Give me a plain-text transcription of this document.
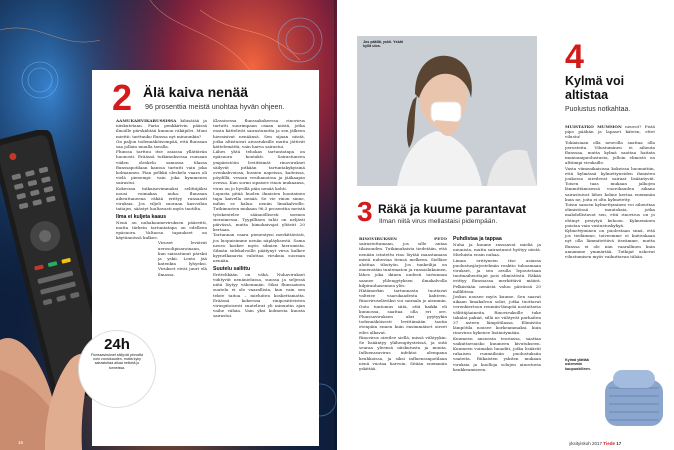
2 Älä kaiva nenää
96 prosenttia meistä unohtaa hyvän ohjeen.
AAMUKAHVIKABUSSISSA kihisätää ja niiskutetaan. Parin penkkirivin päässä ilmoille pärskähtää kunnon räkäpilvi. Moni miettii: tarttuuko flunssa nyt minuunkin?
On paljon todennäköisempää, että flunssan saa jollain muulla tavalla.
Flunssa tarttuu itse asiassa yllättävän huonosti. Eräässä tutkimuksessa ruusaan viiden oleskelu samassa tilassa flunssapotilaan kanssa tartutti vain joka kolmannen. Pian pelkkä oleskelu vaara oli vielä pienempi: vain joka kymmenes sairastui.
Kokeessa tutkaisevimmaksi selittäjäksi nousi voimakas nuha: flunssan aiheuttaneena räkää erittyy runsaasti viruksia. Jos viljeli suoraan kasvoihin taitajes, säästyt luultavasti myös tautilta.
Ilma ei kuljeta kaaus
Nenä on nuhakuumeviruksen pääreitti, mutta tärkein tartuntatapa on edelleen epäsuora. Valtaosa tapaukset on käytännössä kulkee.
Viruset leviävät aerosolipisaroinaan, kun sairastunut pärskii ja yskii. Lento jää katenkin lyhyeksi. Virukset eivät juuri elä ilmassa.
Klassisessa flunssakokeessa rinovirus tartutti suurimpaan osaan niistä, jotka ensin kättelivät sairastunutta ja sen jälkeen hieraisivat nenäänsä. Sen sijaan niistä, jotka altistuivat aivastuksille mutta jättivät kättelemättä, vain harva sairastui.
Lähes yhtä tehokas tartuntatapa on epäsuora kontakti. Sairastuneen ympäristöön leviittämät rinovirukset säilyvät pitkään tartuntakykyisinä ovenkahvoissa, hissien napeissa, kaiteissa, pöydillä, vessan vesihanoissa ja jääkaapin ovessa. Kun sormi sipaisee rinon mukaansa, virus on jo hyvillä päin nenää kohti.
Lopusta pitää huolen ihmisten luontainen tapa kaivella nenää. Se vie rinon sinne, mihin se halua: nenän limakalvoille. Tutkimusten mukaan 96,5 prosenttia meistä työskentelee säännöllisesti sormea sieraimessa. Tyypillinen tahti on neljästi päivässä, mutta himokaivajat yltävät 20 kertaan.
Tartunnan vaara pienentyisi merkittävästi, jos luopuisimme nenän näpläyksestä. Sama neuvo koskee myös silmien hieromista. Silmän sidekalvoille päätynyt virus kulkee kyynelkanavia valuttaa viruksia suoraan nenään.
Suutelu sallittu
Erittelikään on vähä. Nuhavirukset viihtyvät nenänielussa, suussa ja seljessä niitä löytyy vähemmän. Siksi flunssainen suutelu ei ole vaarallista, kun vain sen tekee taitoa – mieluiten koskettamatta. Eräässä kokeessa rinipositiivisten viruspitoisesti suutelivat yli minuutin ajan vaihe vähän. Vain yksi kolmesta kuusta sairastui.
24h
Flunssavirukset säilyvät pinnoilla noin vuorokauden, mutta kyky sairastuttaa alkaa heiketä jo tunneissa.
16
Jos päällä, yskii. Yskät kyllä ulos.
3 Räkä ja kuume parantavat
Ilman niitä virus mellastaisi pidempään.
RINOVIRUKSEN PETO sairastuttamaan, jos sille antaa tilaisuuden. Tutkimuksista tiedetään, että nenään istutettu rino löytää maastamasa mistä nuhestaa tiensä melkeen. Sielläse aloittaa tihutyön. Jos tunkeilija on ennenstäin tuntematon ja runsaslukuinen, lähes joka ikinen uudesti tartunnan saanee ylilengytyksen ilmakalvolla kilpirauhasennen ylös.
Hätämerkin tartunnasta tuottavat valteiee vaarokaadesta kahteen. Rinoviruseläväksi voi sairaala jo aiemmin. Outo tuntomus siitä, että kaikki eli kunnossa, saattaa olla eri ore. Flunssaviruksen ubri pyytyykin todennäköisesti levittämään tautia etenpäin ennen kuin ensimmäiset oireet edes alkavat.
Rinovirus oireilee siellä, missä viihtyykin. Se lisääntyy ylähengitysteissä, ja siitä seuraa yleensä niiskutusta ja muuta. Influenssavirus infektoi alempana keuhkoissa, ja siksi influenssapotilaan nenä vuotaa harvoin. Sitään enemmän yskittää.
Puhdistaa ja tappaa
Nuha ja kuume rassaavat mieliä ja nuunista, mutta sairastunut hyötyy niistä. Mieluista ensin nuhaa.
Liman erittyneen itse asiassa puolustusjärjestelmän reaktio tuhoamaan virukset, ja sen avulla lepoutetaan tautinaiheuttajat pois elimistöstä. Räkää erittyy flunssassa merkittävä määrä. Pelkästään nenästä valuu päivässä 20 millilitraa.
Joskus nousee myös kuume. Sen saavat aikaan limakalvon solut, jotka tuottavat verenkiertoon reumiin-lämpöä nostattavia välittäjäaineita. Rinoviruksille tuke takalat pakiat, sillä ne viihtyvät parhaiten 37 asteen lämpötilassa. Elimistön lämpötila nousee korkeammaksi, kuin rinovirus kykenee lisääntymään.
Kuumeen ansioista teoriassa, saattaa vaikuttavuusko kuumeen kivutukseen. Kuumeen voimaksi luuadiit, jotka lisäävät rahaisen ruumiilisiin puolustuksiin vaateita. Riikaisten yskiten mukaan viruksia ja kuolloja solujen ainostuvia kenkkeamiseen.
4
Kylmä voi altistaa
Puolustus notkahtaa.
MUISTATKO MUMMON neuvot? Pistä pipo päähän ja lapaset käteen, ettet vilustu!
Tokiaisiaan olla neuvolla saattaa olla perusteita. Vilustuminen ei aiheuta flunssaa, mutta kylmä saattaa haitata immuunipuolustusta, jolloin elimistö on alttiimpi viruksille.
Vasta viimeaikaisissa kokeissa huomattiin, että kylmässä kylmettyneiden ihmisten joukossa oireilevat sairaat lisääntyvät. Toisen taas mukaan jalkojen lämmittämisessä vuorokauden aikana sairastuivat lähes kolme kertaa enemmän kuin ne, joita ei oltu kylmetetty.
Toisin sanoen kylmettyminen voi aiheuttaa elimistössä muutoksia, jotka mahdollistavat sen, että rinovirus on jo ehtinyt pesiytyä kehoon. Kylmeminen poistaa vain vastustuskykyä.
Kylmettyminen on puolestaan siinä, että jos tiedämme, toiveemme ei kuitenkaan nyt olla lämmitettävä itseämme, mutta flunssa ei ole niin vaarallinen kuin annamme ymmärtää. Tutkijat uskovat vilustumisen myös vaikuttavan tähän.
Kylmä ylättää usiemmin kuupuokilleen.
yksityiskoh 2017 Tiede 17
